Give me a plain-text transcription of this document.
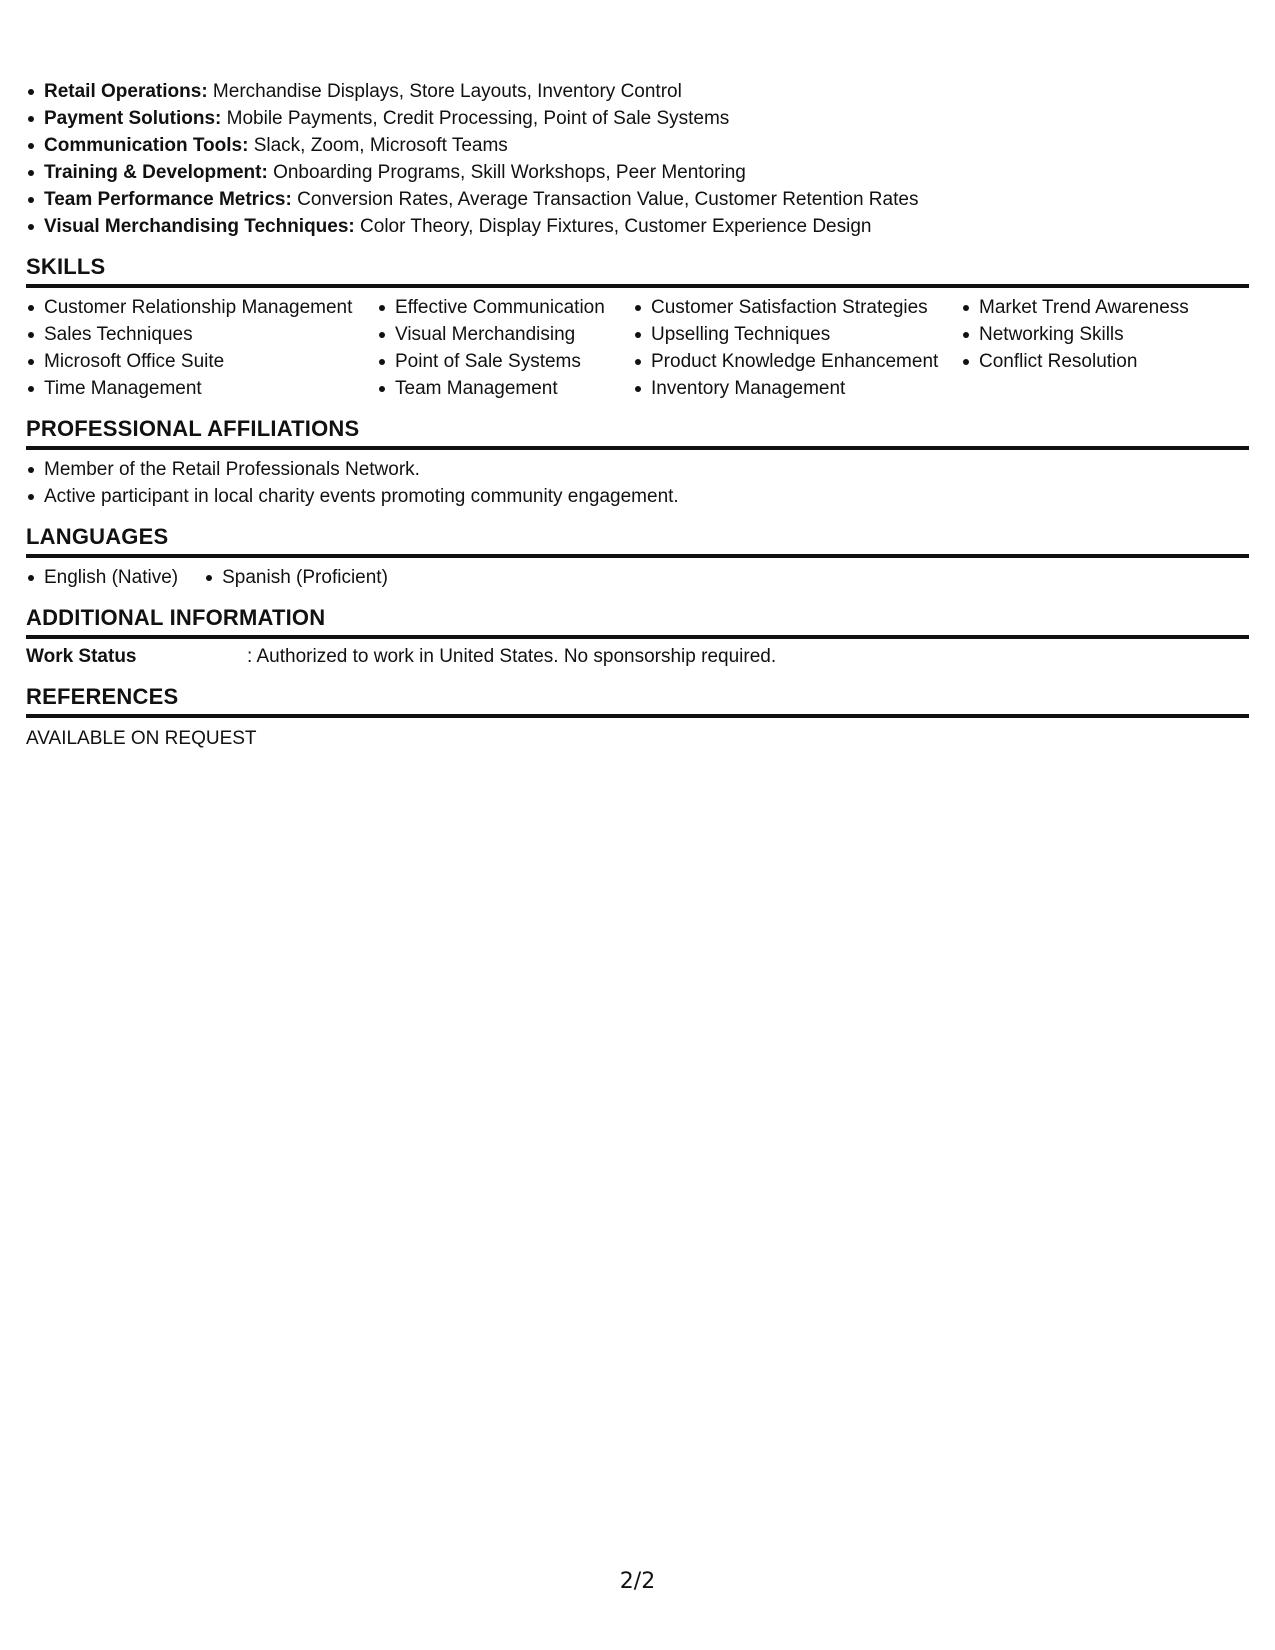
Retail Operations: Merchandise Displays, Store Layouts, Inventory Control
Payment Solutions: Mobile Payments, Credit Processing, Point of Sale Systems
Communication Tools: Slack, Zoom, Microsoft Teams
Training & Development: Onboarding Programs, Skill Workshops, Peer Mentoring
Team Performance Metrics: Conversion Rates, Average Transaction Value, Customer Retention Rates
Visual Merchandising Techniques: Color Theory, Display Fixtures, Customer Experience Design
SKILLS
Customer Relationship Management
Sales Techniques
Microsoft Office Suite
Time Management
Effective Communication
Visual Merchandising
Point of Sale Systems
Team Management
Customer Satisfaction Strategies
Upselling Techniques
Product Knowledge Enhancement
Inventory Management
Market Trend Awareness
Networking Skills
Conflict Resolution
PROFESSIONAL AFFILIATIONS
Member of the Retail Professionals Network.
Active participant in local charity events promoting community engagement.
LANGUAGES
English (Native)	Spanish (Proficient)
ADDITIONAL INFORMATION
Work Status	: Authorized to work in United States. No sponsorship required.
REFERENCES
AVAILABLE ON REQUEST
2/2
